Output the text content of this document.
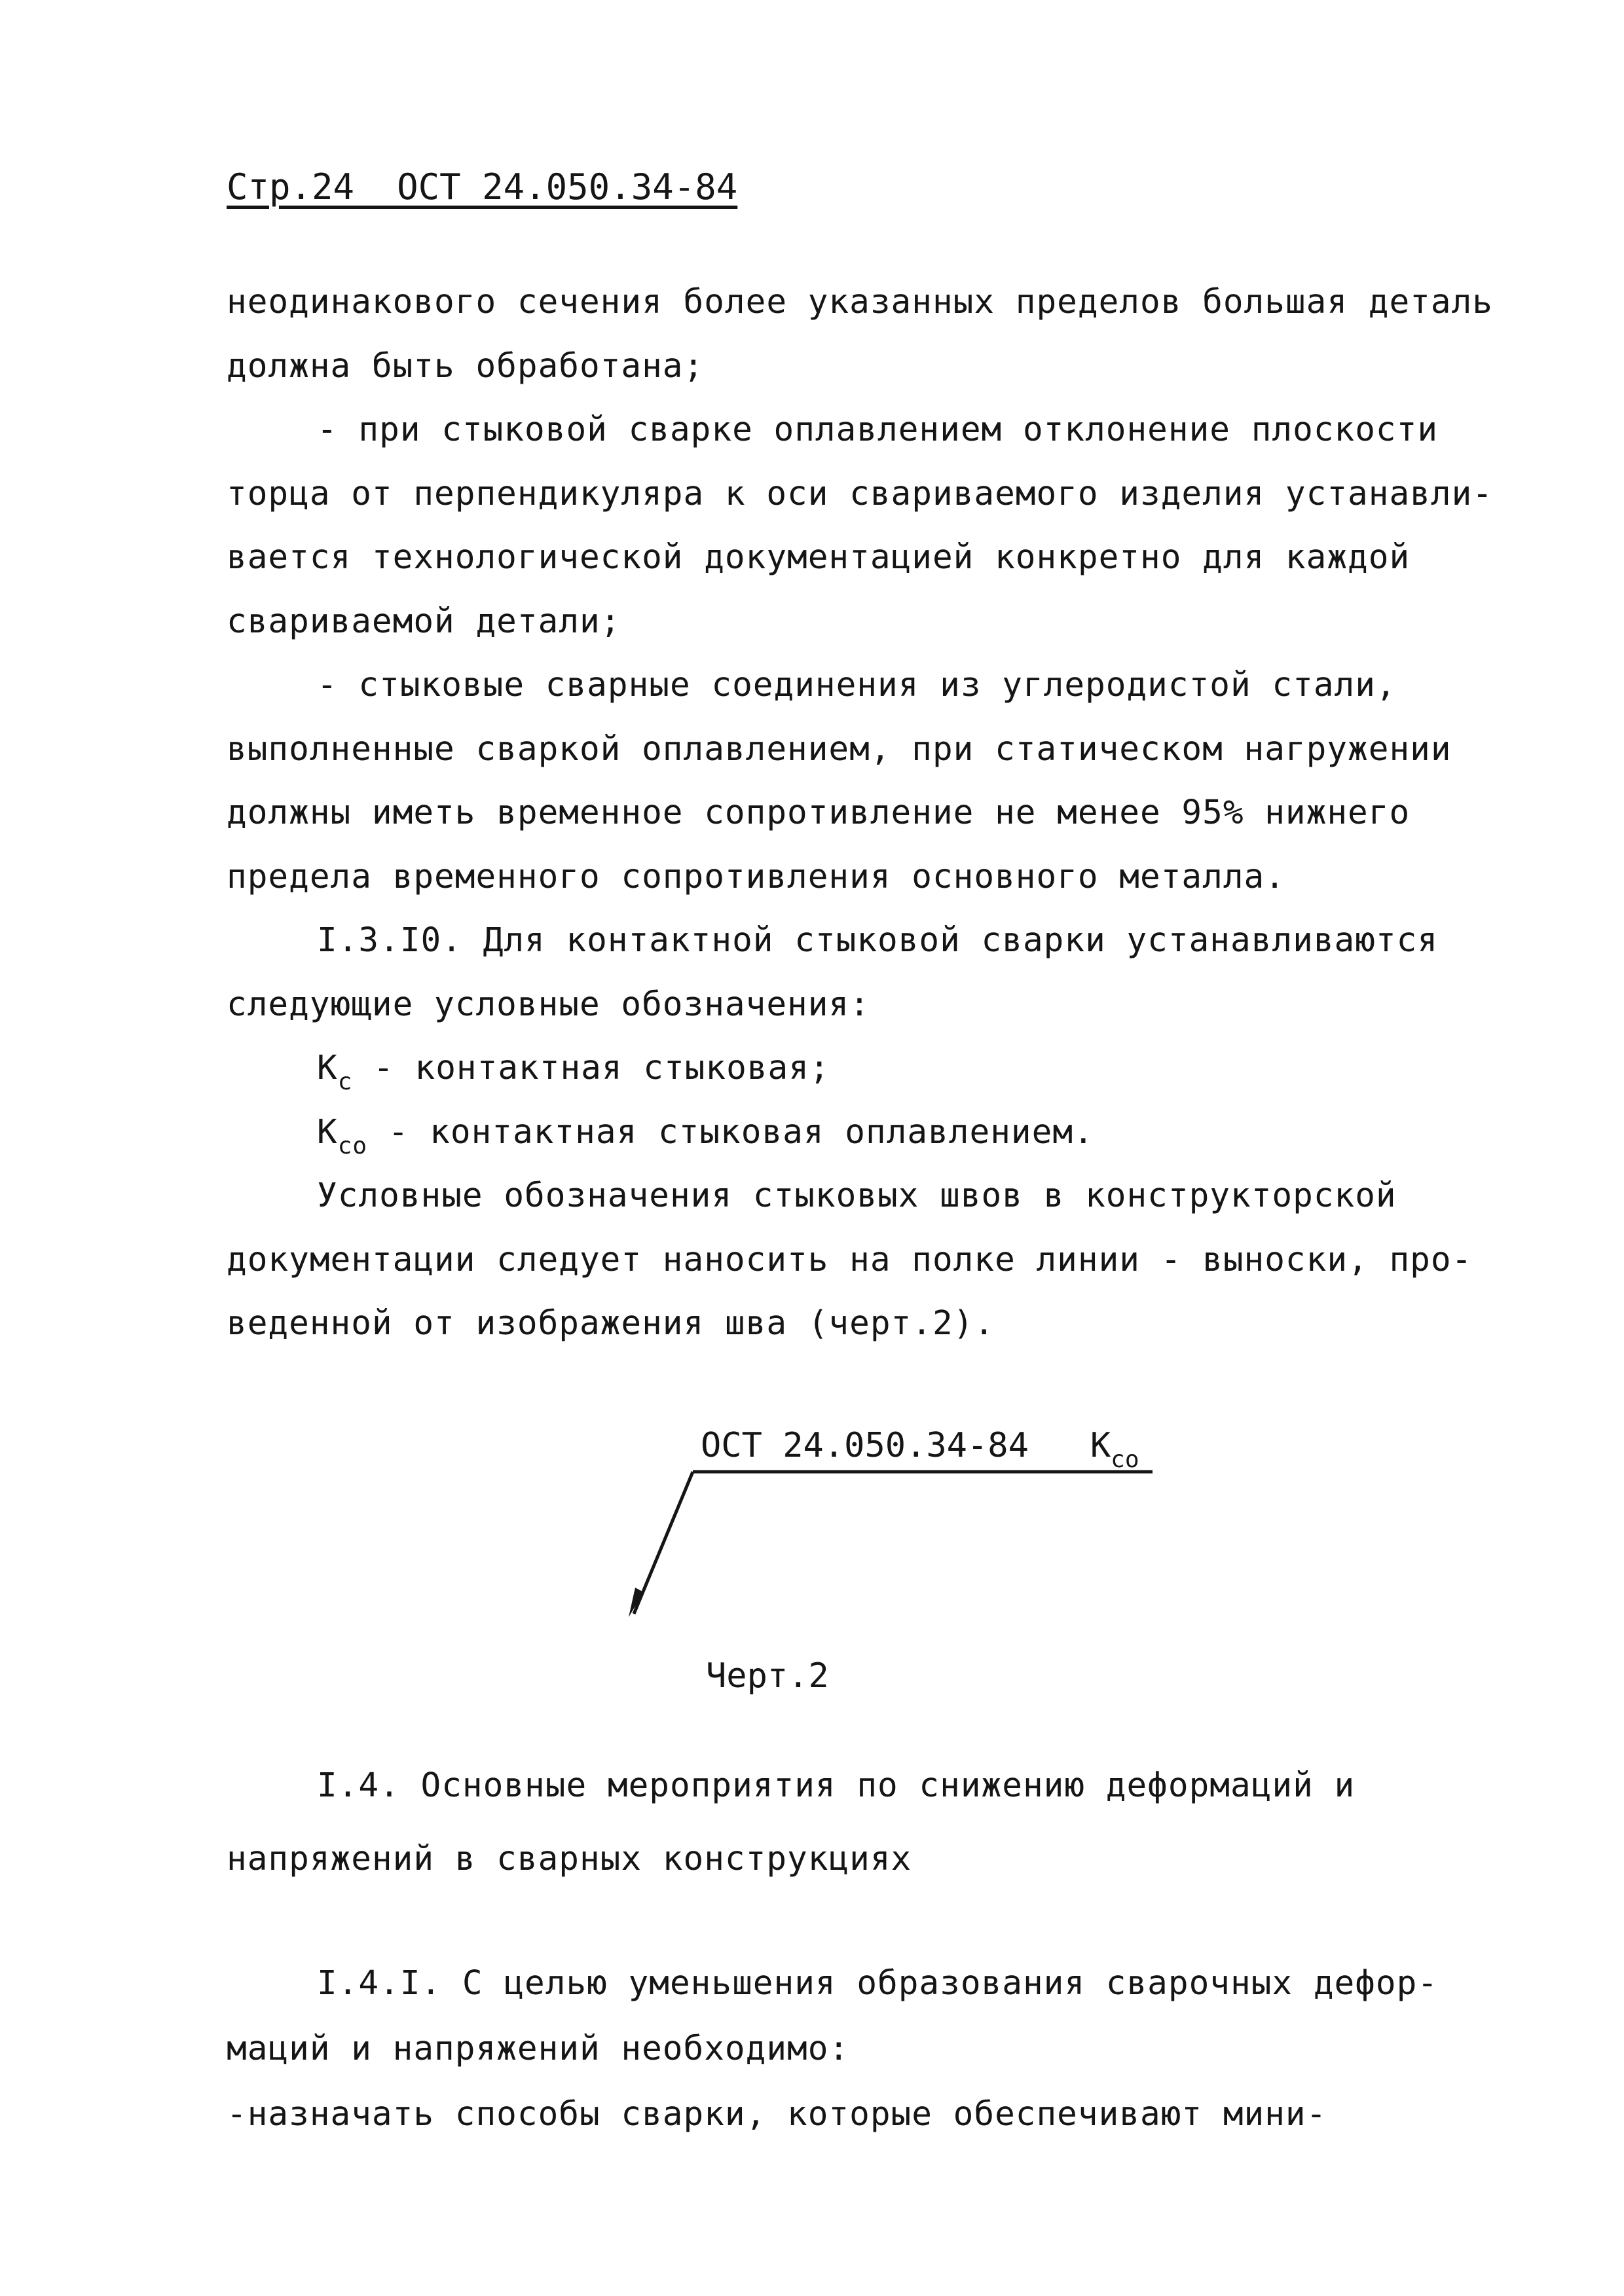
Стр.24  ОСТ 24.050.34-84
неодинакового сечения более указанных пределов большая деталь
должна быть обработана;
- при стыковой сварке оплавлением отклонение плоскости
торца от перпендикуляра к оси свариваемого изделия устанавли-
вается технологической документацией конкретно для каждой
свариваемой детали;
- стыковые сварные соединения из углеродистой стали,
выполненные сваркой оплавлением, при статическом нагружении
должны иметь временное сопротивление не менее 95% нижнего
предела временного сопротивления основного металла.
I.3.I0. Для контактной стыковой сварки устанавливаются
следующие условные обозначения:
$К_с$ - контактная стыковая;
$К_{со}$ - контактная стыковая оплавлением.
Условные обозначения стыковых швов в конструкторской
документации следует наносить на полке линии - выноски, про-
веденной от изображения шва (черт.2).
ОСТ 24.050.34-84 $К_{со}$
Черт.2
I.4. Основные мероприятия по снижению деформаций и
напряжений в сварных конструкциях
I.4.I. С целью уменьшения образования сварочных дефор-
маций и напряжений необходимо:
-назначать способы сварки, которые обеспечивают мини-
